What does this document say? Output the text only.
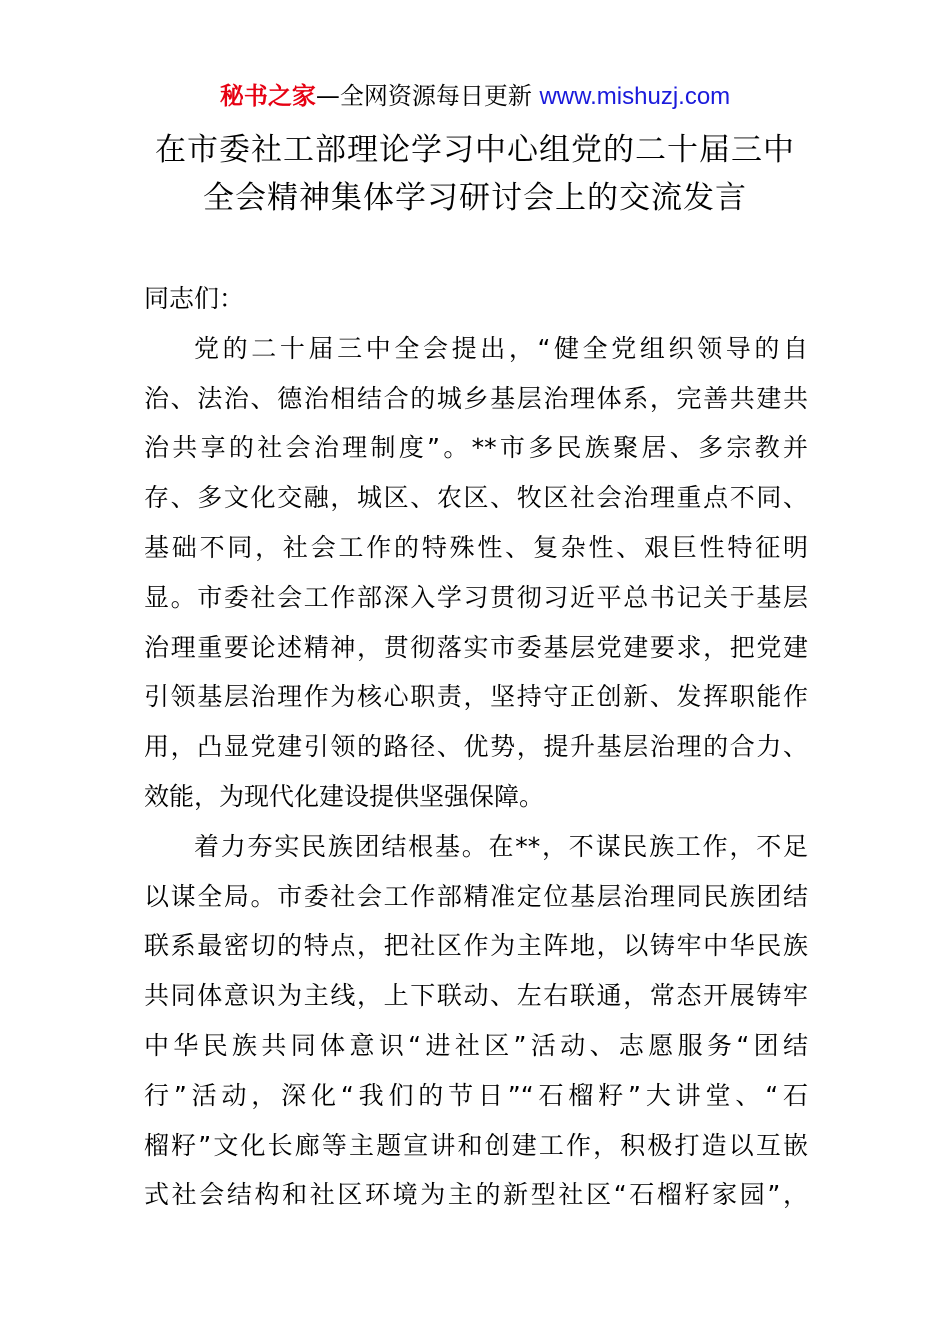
秘书之家—全网资源每日更新 www.mishuzj.com
在市委社工部理论学习中心组党的二十届三中
全会精神集体学习研讨会上的交流发言
同志们：
党的二十届三中全会提出，“健全党组织领导的自
治、法治、德治相结合的城乡基层治理体系，完善共建共
治共享的社会治理制度”。**市多民族聚居、多宗教并
存、多文化交融，城区、农区、牧区社会治理重点不同、
基础不同，社会工作的特殊性、复杂性、艰巨性特征明
显。市委社会工作部深入学习贯彻习近平总书记关于基层
治理重要论述精神，贯彻落实市委基层党建要求，把党建
引领基层治理作为核心职责，坚持守正创新、发挥职能作
用，凸显党建引领的路径、优势，提升基层治理的合力、
效能，为现代化建设提供坚强保障。
着力夯实民族团结根基。在**，不谋民族工作，不足
以谋全局。市委社会工作部精准定位基层治理同民族团结
联系最密切的特点，把社区作为主阵地，以铸牢中华民族
共同体意识为主线，上下联动、左右联通，常态开展铸牢
中华民族共同体意识“进社区”活动、志愿服务“团结
行”活动，深化“我们的节日”“石榴籽”大讲堂、“石
榴籽”文化长廊等主题宣讲和创建工作，积极打造以互嵌
式社会结构和社区环境为主的新型社区“石榴籽家园”，
